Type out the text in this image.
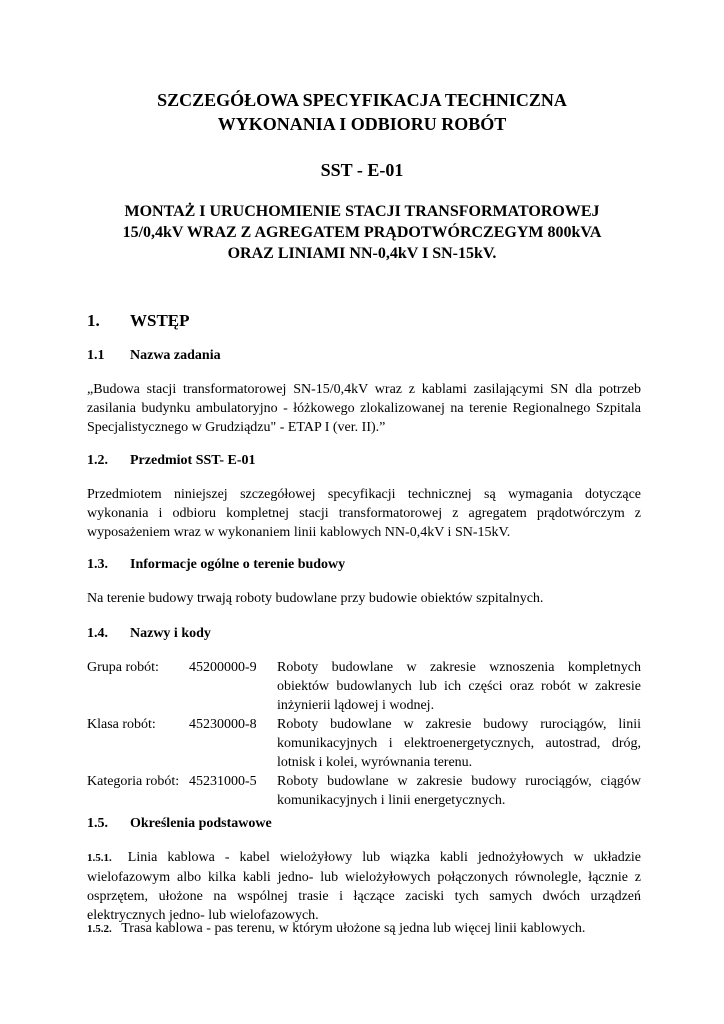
SZCZEGÓŁOWA SPECYFIKACJA TECHNICZNA
WYKONANIA I ODBIORU ROBÓT
SST - E-01
MONTAŻ I URUCHOMIENIE STACJI TRANSFORMATOROWEJ
15/0,4kV WRAZ Z AGREGATEM PRĄDOTWÓRCZEGYM 800kVA
ORAZ LINIAMI NN-0,4kV I SN-15kV.
1. WSTĘP
1.1 Nazwa zadania
„Budowa stacji transformatorowej SN-15/0,4kV wraz z kablami zasilającymi SN dla potrzeb zasilania budynku ambulatoryjno - łóżkowego zlokalizowanej na terenie Regionalnego Szpitala Specjalistycznego w Grudziądzu" - ETAP I (ver. II).”
1.2. Przedmiot SST- E-01
Przedmiotem niniejszej szczegółowej specyfikacji technicznej są wymagania dotyczące wykonania i odbioru kompletnej stacji transformatorowej z agregatem prądotwórczym z wyposażeniem wraz w wykonaniem linii kablowych NN-0,4kV i SN-15kV.
1.3. Informacje ogólne o terenie budowy
Na terenie budowy trwają roboty budowlane przy budowie obiektów szpitalnych.
1.4. Nazwy i kody
Grupa robót: 45200000-9 Roboty budowlane w zakresie wznoszenia kompletnych obiektów budowlanych lub ich części oraz robót w zakresie inżynierii lądowej i wodnej.
Klasa robót: 45230000-8 Roboty budowlane w zakresie budowy rurociągów, linii komunikacyjnych i elektroenergetycznych, autostrad, dróg, lotnisk i kolei, wyrównania terenu.
Kategoria robót: 45231000-5 Roboty budowlane w zakresie budowy rurociągów, ciągów komunikacyjnych i linii energetycznych.
1.5. Określenia podstawowe
1.5.1. Linia kablowa - kabel wielożyłowy lub wiązka kabli jednożyłowych w układzie wielofazowym albo kilka kabli jedno- lub wielożyłowych połączonych równolegle, łącznie z osprzętem, ułożone na wspólnej trasie i łączące zaciski tych samych dwóch urządzeń elektrycznych jedno- lub wielofazowych.
1.5.2. Trasa kablowa - pas terenu, w którym ułożone są jedna lub więcej linii kablowych.
